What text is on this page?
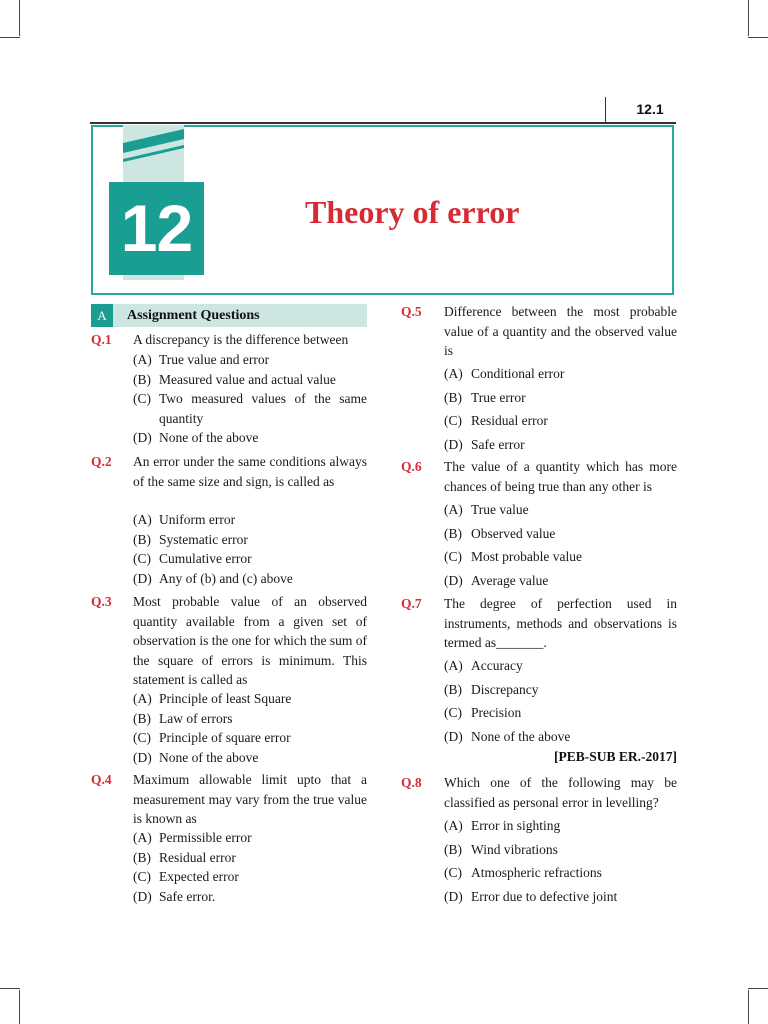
12.1
12	Theory of error
A	Assignment Questions
Q.1 A discrepancy is the difference between
(A) True value and error
(B) Measured value and actual value
(C) Two measured values of the same quantity
(D) None of the above
Q.2 An error under the same conditions always of the same size and sign, is called as
(A) Uniform error
(B) Systematic error
(C) Cumulative error
(D) Any of (b) and (c) above
Q.3 Most probable value of an observed quantity available from a given set of observation is the one for which the sum of the square of errors is minimum. This statement is called as
(A) Principle of least Square
(B) Law of errors
(C) Principle of square error
(D) None of the above
Q.4 Maximum allowable limit upto that a measurement may vary from the true value is known as
(A) Permissible error
(B) Residual error
(C) Expected error
(D) Safe error.
Q.5 Difference between the most probable value of a quantity and the observed value is
(A) Conditional error
(B) True error
(C) Residual error
(D) Safe error
Q.6 The value of a quantity which has more chances of being true than any other is
(A) True value
(B) Observed value
(C) Most probable value
(D) Average value
Q.7 The degree of perfection used in instruments, methods and observations is termed as_______.
(A) Accuracy
(B) Discrepancy
(C) Precision
(D) None of the above
[PEB-SUB ER.-2017]
Q.8 Which one of the following may be classified as personal error in levelling?
(A) Error in sighting
(B) Wind vibrations
(C) Atmospheric refractions
(D) Error due to defective joint
